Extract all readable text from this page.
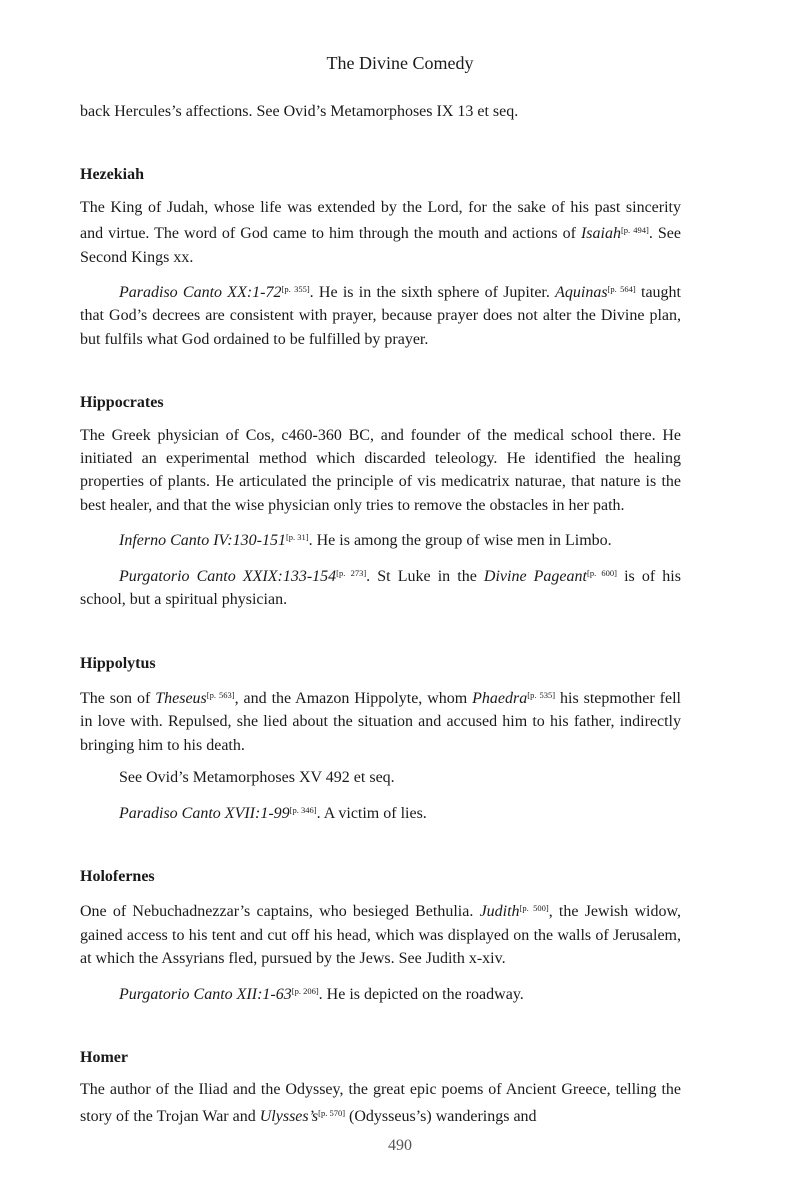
The Divine Comedy

back Hercules’s affections. See Ovid’s Metamorphoses IX 13 et seq.

Hezekiah

The King of Judah, whose life was extended by the Lord, for the sake of his past sincerity and virtue. The word of God came to him through the mouth and actions of Isaiah[p. 494]. See Second Kings xx.

Paradiso Canto XX:1-72[p. 355]. He is in the sixth sphere of Jupiter. Aquinas[p. 564] taught that God’s decrees are consistent with prayer, because prayer does not alter the Divine plan, but fulfils what God ordained to be fulfilled by prayer.

Hippocrates

The Greek physician of Cos, c460-360 BC, and founder of the medical school there. He initiated an experimental method which discarded teleology. He identified the healing properties of plants. He articulated the principle of vis medicatrix naturae, that nature is the best healer, and that the wise physician only tries to remove the obstacles in her path.

Inferno Canto IV:130-151[p. 31]. He is among the group of wise men in Limbo.

Purgatorio Canto XXIX:133-154[p. 273]. St Luke in the Divine Pageant[p. 600] is of his school, but a spiritual physician.

Hippolytus

The son of Theseus[p. 563], and the Amazon Hippolyte, whom Phaedra[p. 535] his stepmother fell in love with. Repulsed, she lied about the situation and accused him to his father, indirectly bringing him to his death.

See Ovid’s Metamorphoses XV 492 et seq.

Paradiso Canto XVII:1-99[p. 346]. A victim of lies.

Holofernes

One of Nebuchadnezzar’s captains, who besieged Bethulia. Judith[p. 500], the Jewish widow, gained access to his tent and cut off his head, which was displayed on the walls of Jerusalem, at which the Assyrians fled, pursued by the Jews. See Judith x-xiv.

Purgatorio Canto XII:1-63[p. 206]. He is depicted on the roadway.

Homer

The author of the Iliad and the Odyssey, the great epic poems of Ancient Greece, telling the story of the Trojan War and Ulysses’s[p. 570] (Odysseus’s) wanderings and

490
